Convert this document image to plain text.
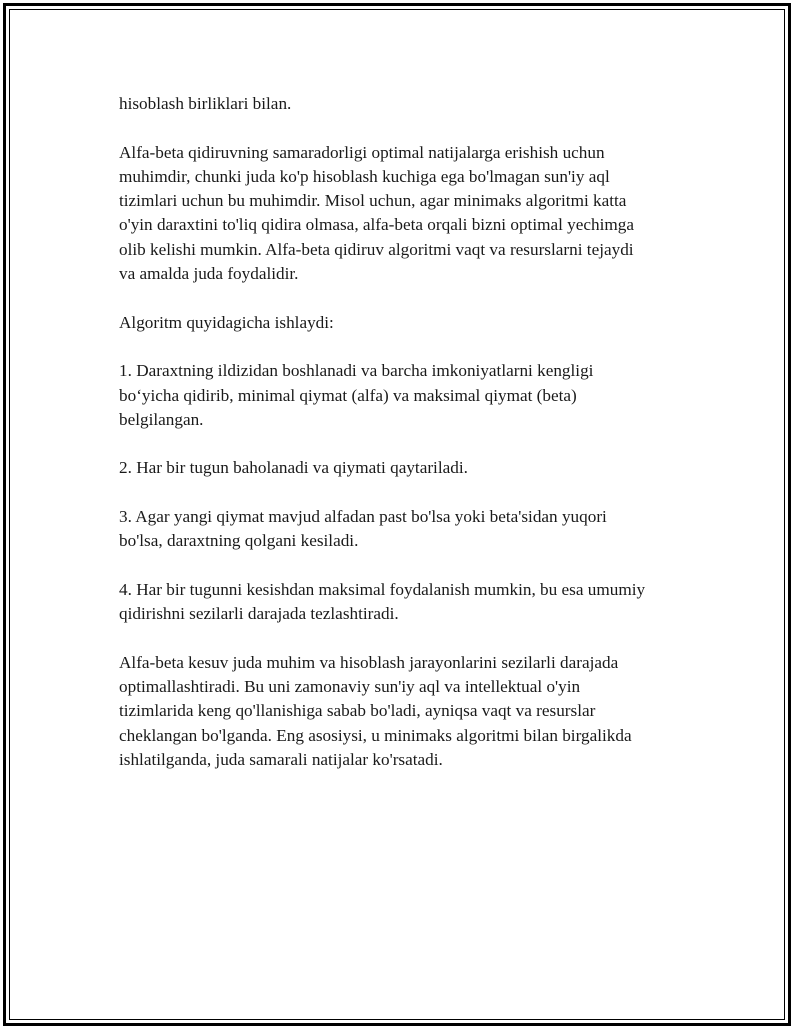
hisoblash birliklari bilan.

Alfa-beta qidiruvning samaradorligi optimal natijalarga erishish uchun
muhimdir, chunki juda ko'p hisoblash kuchiga ega bo'lmagan sun'iy aql
tizimlari uchun bu muhimdir. Misol uchun, agar minimaks algoritmi katta
o'yin daraxtini to'liq qidira olmasa, alfa-beta orqali bizni optimal yechimga
olib kelishi mumkin. Alfa-beta qidiruv algoritmi vaqt va resurslarni tejaydi
va amalda juda foydalidir.

Algoritm quyidagicha ishlaydi:

1. Daraxtning ildizidan boshlanadi va barcha imkoniyatlarni kengligi
bo‘yicha qidirib, minimal qiymat (alfa) va maksimal qiymat (beta)
belgilangan.

2. Har bir tugun baholanadi va qiymati qaytariladi.

3. Agar yangi qiymat mavjud alfadan past bo'lsa yoki beta'sidan yuqori
bo'lsa, daraxtning qolgani kesiladi.

4. Har bir tugunni kesishdan maksimal foydalanish mumkin, bu esa umumiy
qidirishni sezilarli darajada tezlashtiradi.

Alfa-beta kesuv juda muhim va hisoblash jarayonlarini sezilarli darajada
optimallashtiradi. Bu uni zamonaviy sun'iy aql va intellektual o'yin
tizimlarida keng qo'llanishiga sabab bo'ladi, ayniqsa vaqt va resurslar
cheklangan bo'lganda. Eng asosiysi, u minimaks algoritmi bilan birgalikda
ishlatilganda, juda samarali natijalar ko'rsatadi.
